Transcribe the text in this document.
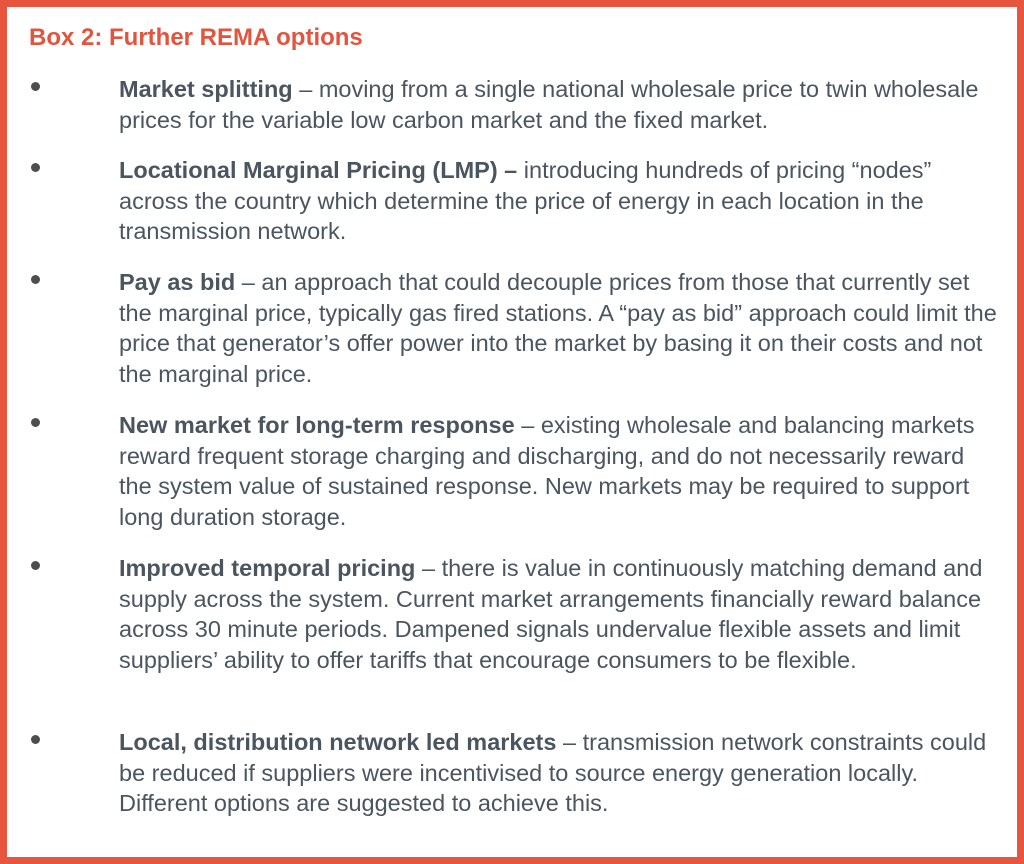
Box 2: Further REMA options

Market splitting – moving from a single national wholesale price to twin wholesale prices for the variable low carbon market and the fixed market.

Locational Marginal Pricing (LMP) – introducing hundreds of pricing “nodes” across the country which determine the price of energy in each location in the transmission network.

Pay as bid – an approach that could decouple prices from those that currently set the marginal price, typically gas fired stations. A “pay as bid” approach could limit the price that generator’s offer power into the market by basing it on their costs and not the marginal price.

New market for long-term response – existing wholesale and balancing markets reward frequent storage charging and discharging, and do not necessarily reward the system value of sustained response. New markets may be required to support long duration storage.

Improved temporal pricing – there is value in continuously matching demand and supply across the system. Current market arrangements financially reward balance across 30 minute periods. Dampened signals undervalue flexible assets and limit suppliers’ ability to offer tariffs that encourage consumers to be flexible.

Local, distribution network led markets – transmission network constraints could be reduced if suppliers were incentivised to source energy generation locally. Different options are suggested to achieve this.
